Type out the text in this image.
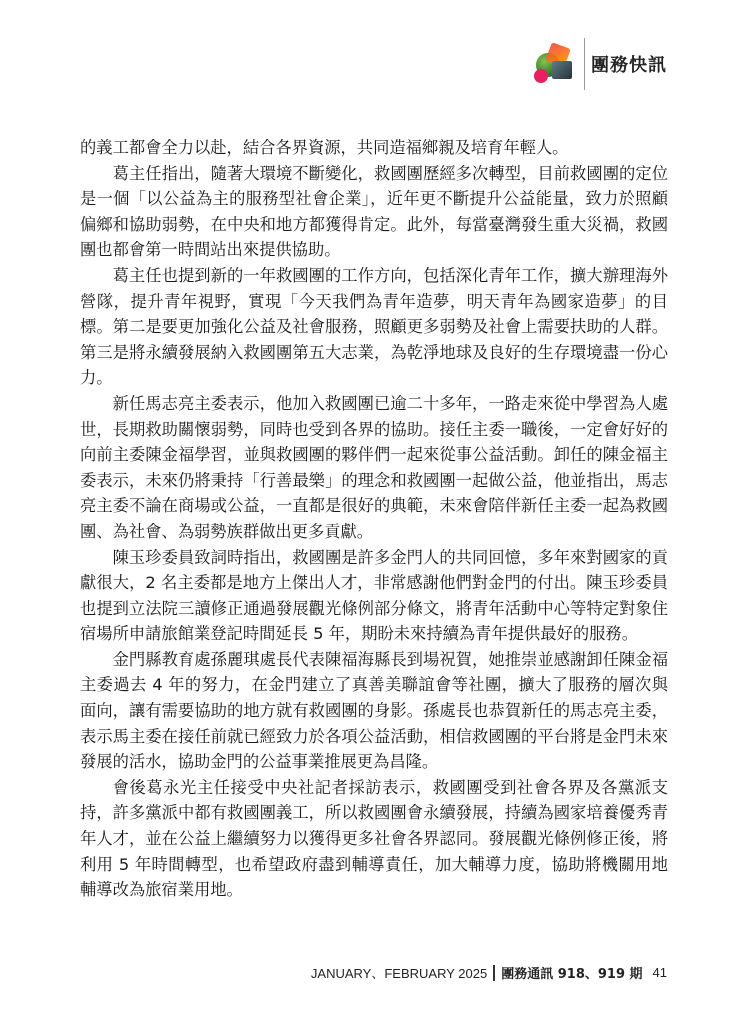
團務快訊

的義工都會全力以赴，結合各界資源，共同造福鄉親及培育年輕人。

葛主任指出，隨著大環境不斷變化，救國團歷經多次轉型，目前救國團的定位是一個「以公益為主的服務型社會企業」，近年更不斷提升公益能量，致力於照顧偏鄉和協助弱勢，在中央和地方都獲得肯定。此外，每當臺灣發生重大災禍，救國團也都會第一時間站出來提供協助。

葛主任也提到新的一年救國團的工作方向，包括深化青年工作，擴大辦理海外營隊，提升青年視野，實現「今天我們為青年造夢，明天青年為國家造夢」的目標。第二是要更加強化公益及社會服務，照顧更多弱勢及社會上需要扶助的人群。第三是將永續發展納入救國團第五大志業，為乾淨地球及良好的生存環境盡一份心力。

新任馬志亮主委表示，他加入救國團已逾二十多年，一路走來從中學習為人處世，長期救助關懷弱勢，同時也受到各界的協助。接任主委一職後，一定會好好的向前主委陳金福學習，並與救國團的夥伴們一起來從事公益活動。卸任的陳金福主委表示，未來仍將秉持「行善最樂」的理念和救國團一起做公益，他並指出，馬志亮主委不論在商場或公益，一直都是很好的典範，未來會陪伴新任主委一起為救國團、為社會、為弱勢族群做出更多貢獻。

陳玉珍委員致詞時指出，救國團是許多金門人的共同回憶，多年來對國家的貢獻很大，2 名主委都是地方上傑出人才，非常感謝他們對金門的付出。陳玉珍委員也提到立法院三讀修正通過發展觀光條例部分條文，將青年活動中心等特定對象住宿場所申請旅館業登記時間延長 5 年，期盼未來持續為青年提供最好的服務。

金門縣教育處孫麗琪處長代表陳福海縣長到場祝賀，她推崇並感謝卸任陳金福主委過去 4 年的努力，在金門建立了真善美聯誼會等社團，擴大了服務的層次與面向，讓有需要協助的地方就有救國團的身影。孫處長也恭賀新任的馬志亮主委，表示馬主委在接任前就已經致力於各項公益活動，相信救國團的平台將是金門未來發展的活水，協助金門的公益事業推展更為昌隆。

會後葛永光主任接受中央社記者採訪表示，救國團受到社會各界及各黨派支持，許多黨派中都有救國團義工，所以救國團會永續發展，持續為國家培養優秀青年人才，並在公益上繼續努力以獲得更多社會各界認同。發展觀光條例修正後，將利用 5 年時間轉型，也希望政府盡到輔導責任，加大輔導力度，協助將機關用地輔導改為旅宿業用地。

JANUARY、FEBRUARY 2025 團務通訊 918、919 期 41
